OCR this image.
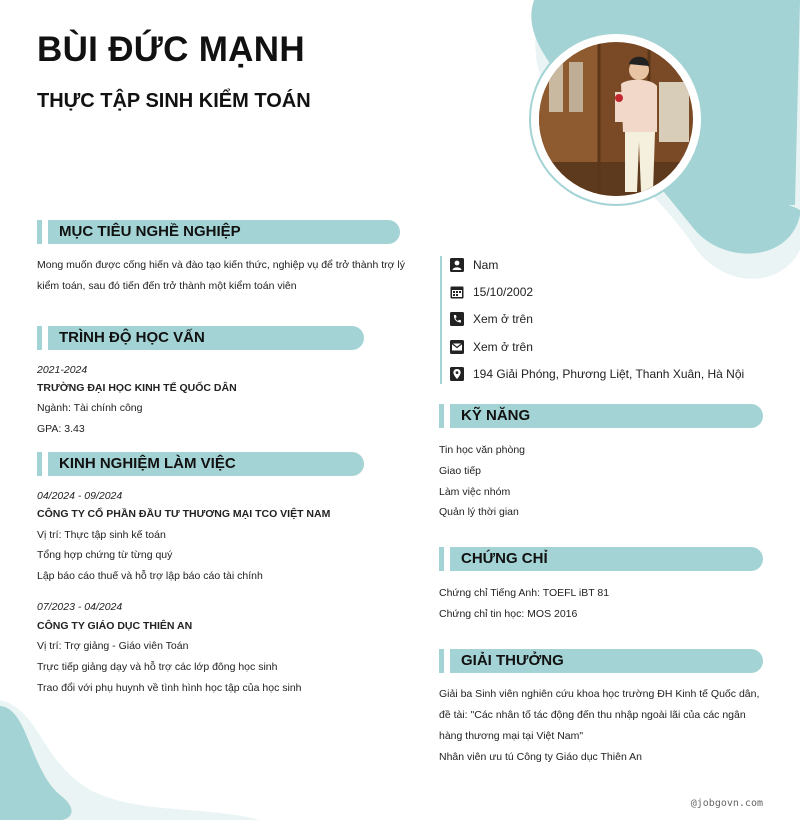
BÙI ĐỨC MẠNH
THỰC TẬP SINH KIỂM TOÁN
MỤC TIÊU NGHỀ NGHIỆP
Mong muốn được cống hiến và đào tạo kiến thức, nghiệp vụ để trở thành trợ lý kiểm toán, sau đó tiến đến trở thành một kiểm toán viên
TRÌNH ĐỘ HỌC VẤN
2021-2024
TRƯỜNG ĐẠI HỌC KINH TẾ QUỐC DÂN
Ngành: Tài chính công
GPA: 3.43
KINH NGHIỆM LÀM VIỆC
04/2024 - 09/2024
CÔNG TY CỔ PHẦN ĐẦU TƯ THƯƠNG MẠI TCO VIỆT NAM
Vị trí: Thực tập sinh kế toán
Tổng hợp chứng từ từng quý
Lập báo cáo thuế và hỗ trợ lập báo cáo tài chính
07/2023 - 04/2024
CÔNG TY GIÁO DỤC THIÊN AN
Vị trí: Trợ giảng - Giáo viên Toán
Trực tiếp giảng dạy và hỗ trợ các lớp đông học sinh
Trao đổi với phụ huynh về tình hình học tập của học sinh
Nam
15/10/2002
Xem ở trên
Xem ở trên
194 Giải Phóng, Phương Liệt, Thanh Xuân, Hà Nội
KỸ NĂNG
Tin học văn phòng
Giao tiếp
Làm việc nhóm
Quản lý thời gian
CHỨNG CHỈ
Chứng chỉ Tiếng Anh: TOEFL iBT 81
Chứng chỉ tin học: MOS 2016
GIẢI THƯỞNG
Giải ba Sinh viên nghiên cứu khoa học trường ĐH Kinh tế Quốc dân, đề tài: "Các nhân tố tác động đến thu nhập ngoài lãi của các ngân hàng thương mại tại Việt Nam"
Nhân viên ưu tú Công ty Giáo dục Thiên An
@jobgovn.com
